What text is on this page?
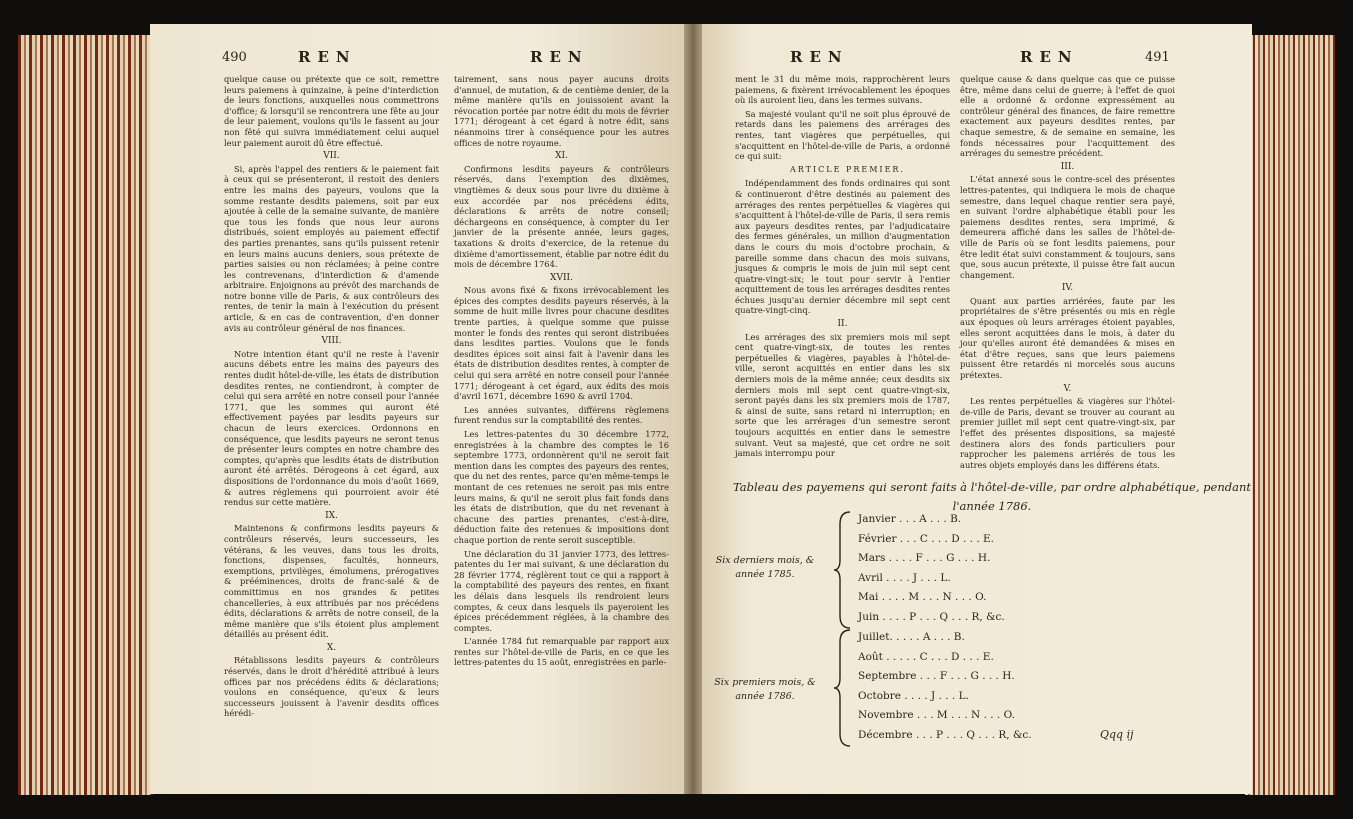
490	REN	REN	REN	REN	491

quelque cause ou prétexte que ce soit, remettre leurs paiemens à quinzaine, à peine d'interdiction de leurs fonctions, auxquelles nous commettrons d'office; & lorsqu'il se rencontrera une fête au jour de leur paiement, voulons qu'ils le fassent au jour non fêté qui suivra immédiatement celui auquel leur paiement auroit dû être effectué.

VII.

Si, après l'appel des rentiers & le paiement fait à ceux qui se présenteront, il restoit des deniers entre les mains des payeurs, voulons que la somme restante desdits paiemens, soit par eux ajoutée à celle de la semaine suivante, de manière que tous les fonds que nous leur aurons distribués, soient employés au paiement effectif des parties prenantes, sans qu'ils puissent retenir en leurs mains aucuns deniers, sous prétexte de parties saisies ou non réclamées; à peine contre les contrevenans, d'interdiction & d'amende arbitraire. Enjoignons au prévôt des marchands de notre bonne ville de Paris, & aux contrôleurs des rentes, de tenir la main à l'exécution du présent article, & en cas de contravention, d'en donner avis au contrôleur général de nos finances.

VIII.

Notre intention étant qu'il ne reste à l'avenir aucuns débets entre les mains des payeurs des rentes dudit hôtel-de-ville, les états de distribution desdites rentes, ne contiendront, à compter de celui qui sera arrêté en notre conseil pour l'année 1771, que les sommes qui auront été effectivement payées par lesdits payeurs sur chacun de leurs exercices. Ordonnons en conséquence, que lesdits payeurs ne seront tenus de présenter leurs comptes en notre chambre des comptes, qu'après que lesdits états de distribution auront été arrêtés. Dérogeons à cet égard, aux dispositions de l'ordonnance du mois d'août 1669, & autres réglemens qui pourroient avoir été rendus sur cette matière.

IX.

Maintenons & confirmons lesdits payeurs & contrôleurs réservés, leurs successeurs, les vétérans, & les veuves, dans tous les droits, fonctions, dispenses, facultés, honneurs, exemptions, privilèges, émolumens, prérogatives & prééminences, droits de franc-salé & de committimus en nos grandes & petites chancelleries, à eux attribués par nos précédens édits, déclarations & arrêts de notre conseil, de la même manière que s'ils étoient plus amplement détaillés au présent édit.

X.

Rétablissons lesdits payeurs & contrôleurs réservés, dans le droit d'hérédité attribué à leurs offices par nos précédens édits & déclarations; voulons en conséquence, qu'eux & leurs successeurs jouissent à l'avenir desdits offices hérédi-

tairement, sans nous payer aucuns droits d'annuel, de mutation, & de centième denier, de la même manière qu'ils en jouissoient avant la révocation portée par notre édit du mois de février 1771; dérogeant à cet égard à notre édit, sans néanmoins tirer à conséquence pour les autres offices de notre royaume.

XI.

Confirmons lesdits payeurs & contrôleurs réservés, dans l'exemption des dixièmes, vingtièmes & deux sous pour livre du dixième à eux accordée par nos précédens édits, déclarations & arrêts de notre conseil; déchargeons en conséquence, à compter du 1er janvier de la présente année, leurs gages, taxations & droits d'exercice, de la retenue du dixième d'amortissement, établie par notre édit du mois de décembre 1764.

XVII.

Nous avons fixé & fixons irrévocablement les épices des comptes desdits payeurs réservés, à la somme de huit mille livres pour chacune desdites trente parties, à quelque somme que puisse monter le fonds des rentes qui seront distribuées dans lesdites parties. Voulons que le fonds desdites épices soit ainsi fait à l'avenir dans les états de distribution desdites rentes, à compter de celui qui sera arrêté en notre conseil pour l'année 1771; dérogeant à cet égard, aux édits des mois d'avril 1671, décembre 1690 & avril 1704.

Les années suivantes, différens règlemens furent rendus sur la comptabilité des rentes.

Les lettres-patentes du 30 décembre 1772, enregistrées à la chambre des comptes le 16 septembre 1773, ordonnèrent qu'il ne seroit fait mention dans les comptes des payeurs des rentes, que du net des rentes, parce qu'en même-temps le montant de ces retenues ne seroit pas mis entre leurs mains, & qu'il ne seroit plus fait fonds dans les états de distribution, que du net revenant à chacune des parties prenantes, c'est-à-dire, déduction faite des retenues & impositions dont chaque portion de rente seroit susceptible.

Une déclaration du 31 janvier 1773, des lettres-patentes du 1er mai suivant, & une déclaration du 28 février 1774, réglèrent tout ce qui a rapport à la comptabilité des payeurs des rentes, en fixant les délais dans lesquels ils rendroient leurs comptes, & ceux dans lesquels ils payeroient les épices précédemment réglées, à la chambre des comptes.

L'année 1784 fut remarquable par rapport aux rentes sur l'hôtel-de-ville de Paris, en ce que les lettres-patentes du 15 août, enregistrées en parle-

ment le 31 du même mois, rapprochèrent leurs paiemens, & fixèrent irrévocablement les époques où ils auroient lieu, dans les termes suivans.

Sa majesté voulant qu'il ne soit plus éprouvé de retards dans les paiemens des arrérages des rentes, tant viagères que perpétuelles, qui s'acquittent en l'hôtel-de-ville de Paris, a ordonné ce qui suit:

ARTICLE PREMIER.

Indépendamment des fonds ordinaires qui sont & continueront d'être destinés au paiement des arrérages des rentes perpétuelles & viagères qui s'acquittent à l'hôtel-de-ville de Paris, il sera remis aux payeurs desdites rentes, par l'adjudicataire des fermes générales, un million d'augmentation dans le cours du mois d'octobre prochain, & pareille somme dans chacun des mois suivans, jusques & compris le mois de juin mil sept cent quatre-vingt-six; le tout pour servir à l'entier acquittement de tous les arrérages desdites rentes échues jusqu'au dernier décembre mil sept cent quatre-vingt-cinq.

II.

Les arrérages des six premiers mois mil sept cent quatre-vingt-six, de toutes les rentes perpétuelles & viagères, payables à l'hôtel-de-ville, seront acquittés en entier dans les six derniers mois de la même année; ceux desdits six derniers mois mil sept cent quatre-vingt-six, seront payés dans les six premiers mois de 1787, & ainsi de suite, sans retard ni interruption; en sorte que les arrérages d'un semestre seront toujours acquittés en entier dans le semestre suivant. Veut sa majesté, que cet ordre ne soit jamais interrompu pour

quelque cause & dans quelque cas que ce puisse être, même dans celui de guerre; à l'effet de quoi elle a ordonné & ordonne expressément au contrôleur général des finances, de faire remettre exactement aux payeurs desdites rentes, par chaque semestre, & de semaine en semaine, les fonds nécessaires pour l'acquittement des arrérages du semestre précédent.

III.

L'état annexé sous le contre-scel des présentes lettres-patentes, qui indiquera le mois de chaque semestre, dans lequel chaque rentier sera payé, en suivant l'ordre alphabétique établi pour les paiemens desdites rentes, sera imprimé, & demeurera affiché dans les salles de l'hôtel-de-ville de Paris où se font lesdits paiemens, pour être ledit état suivi constamment & toujours, sans que, sous aucun prétexte, il puisse être fait aucun changement.

IV.

Quant aux parties arriérées, faute par les propriétaires de s'être présentés ou mis en règle aux époques où leurs arrérages étoient payables, elles seront acquittées dans le mois, à dater du jour qu'elles auront été demandées & mises en état d'être reçues, sans que leurs paiemens puissent être retardés ni morcelés sous aucuns prétextes.

V.

Les rentes perpétuelles & viagères sur l'hôtel-de-ville de Paris, devant se trouver au courant au premier juillet mil sept cent quatre-vingt-six, par l'effet des présentes dispositions, sa majesté destinera alors des fonds particuliers pour rapprocher les paiemens arriérés de tous les autres objets employés dans les différens états.

Tableau des payemens qui seront faits à l'hôtel-de-ville, par ordre alphabétique, pendant l'année 1786.
Six derniers mois, & année 1785.
Janvier . . . A . . . B.
Février . . . C . . . D . . . E.
Mars . . . . F . . . G . . . H.
Avril . . . . J . . . L.
Mai . . . . M . . . N . . . O.
Juin . . . . P . . . Q . . . R, &c.
Six premiers mois, & année 1786.
Juillet. . . . . A . . . B.
Août . . . . . C . . . D . . . E.
Septembre . . . F . . . G . . . H.
Octobre . . . . J . . . L.
Novembre . . . M . . . N . . . O.
Décembre . . . P . . . Q . . . R, &c.	Qqq ij
